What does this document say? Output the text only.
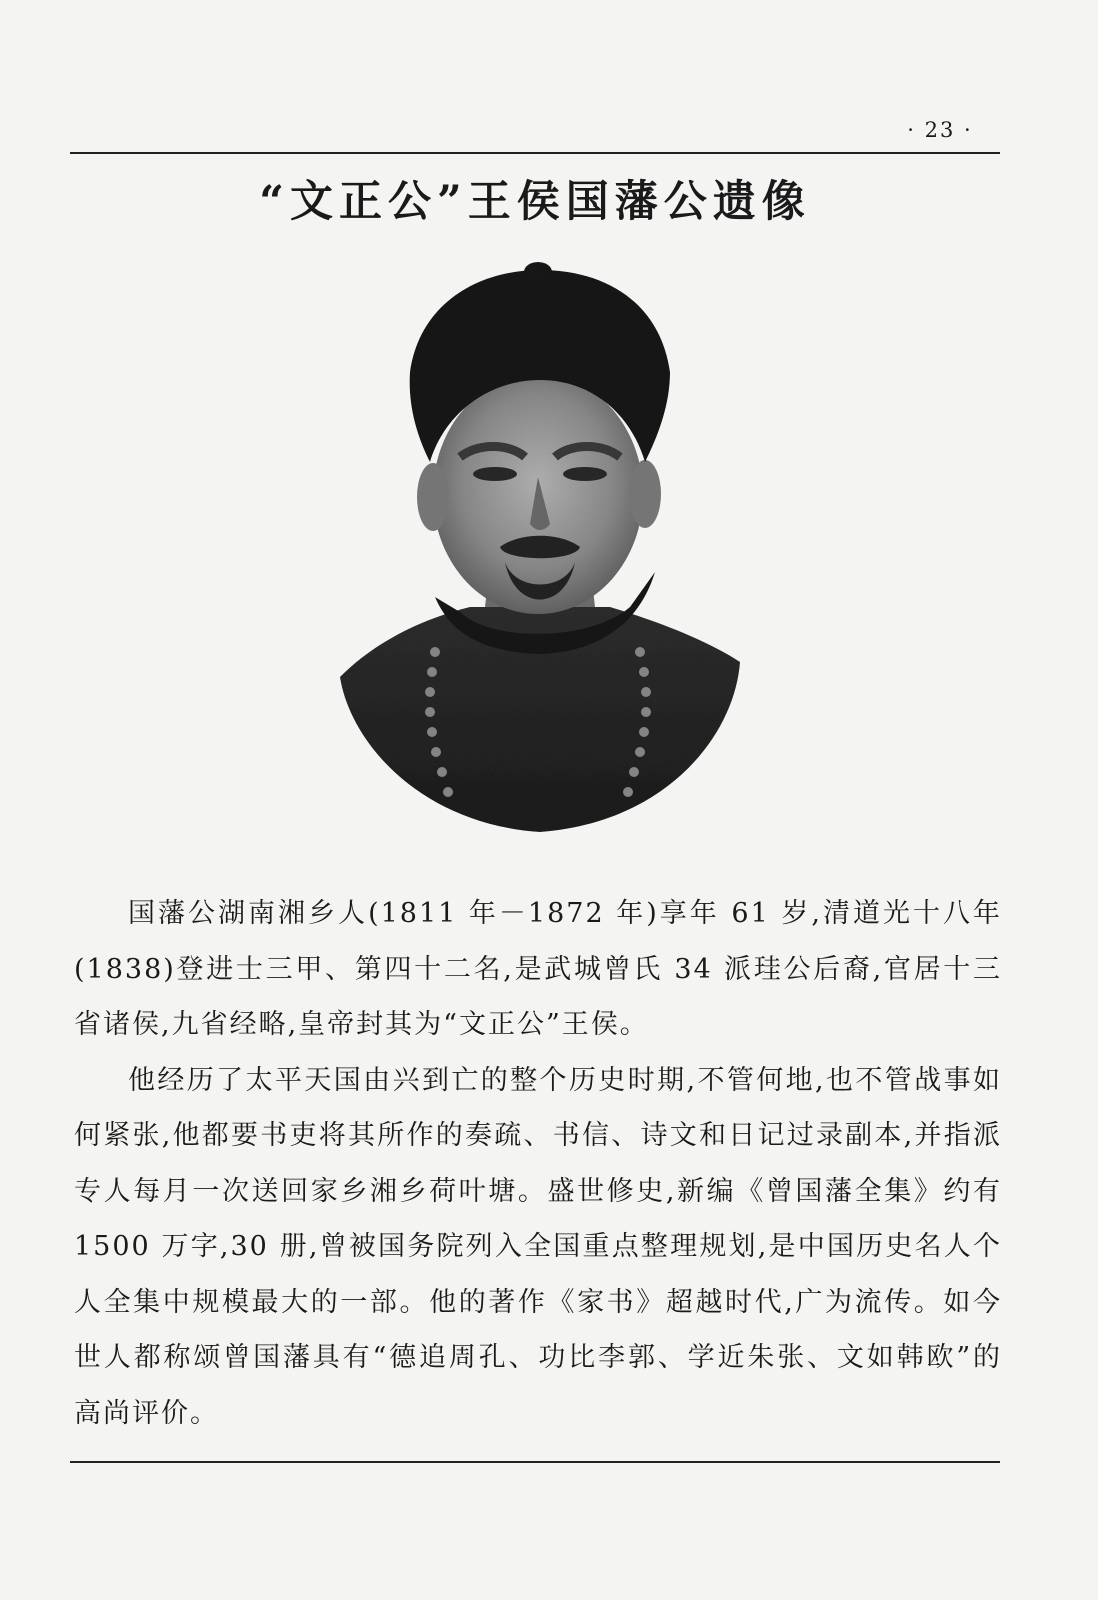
· 23 ·
“文正公”王侯国藩公遗像

国藩公湖南湘乡人(1811 年－1872 年)享年 61 岁,清道光十八年(1838)登进士三甲、第四十二名,是武城曾氏 34 派珪公后裔,官居十三省诸侯,九省经略,皇帝封其为“文正公”王侯。

他经历了太平天国由兴到亡的整个历史时期,不管何地,也不管战事如何紧张,他都要书吏将其所作的奏疏、书信、诗文和日记过录副本,并指派专人每月一次送回家乡湘乡荷叶塘。盛世修史,新编《曾国藩全集》约有 1500 万字,30 册,曾被国务院列入全国重点整理规划,是中国历史名人个人全集中规模最大的一部。他的著作《家书》超越时代,广为流传。如今世人都称颂曾国藩具有“德追周孔、功比李郭、学近朱张、文如韩欧”的高尚评价。
